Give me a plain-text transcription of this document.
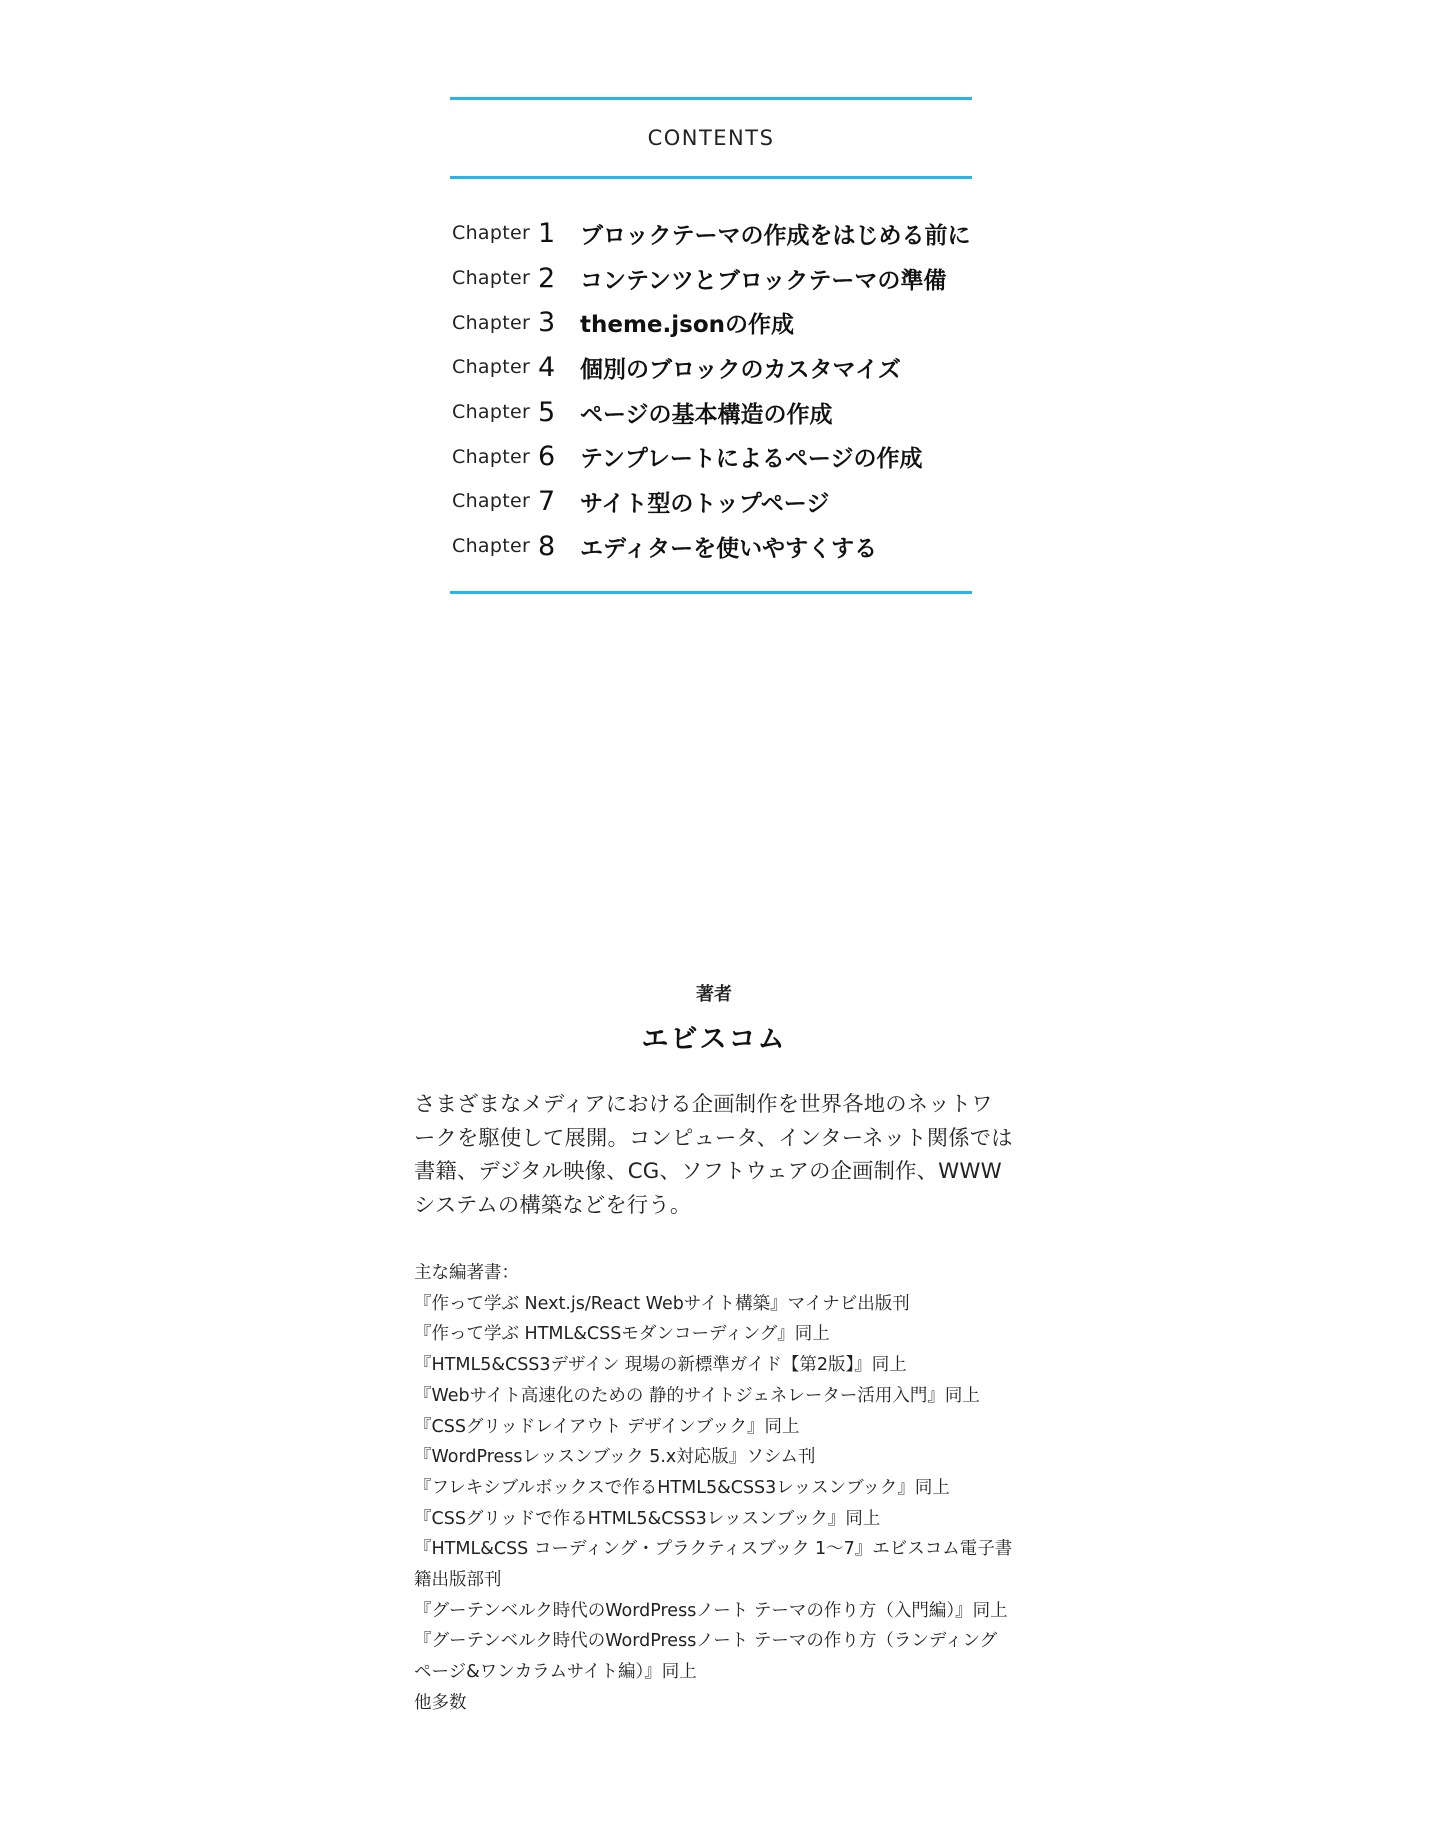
CONTENTS
Chapter 1	ブロックテーマの作成をはじめる前に
Chapter 2	コンテンツとブロックテーマの準備
Chapter 3	theme.jsonの作成
Chapter 4	個別のブロックのカスタマイズ
Chapter 5	ページの基本構造の作成
Chapter 6	テンプレートによるページの作成
Chapter 7	サイト型のトップページ
Chapter 8	エディターを使いやすくする
著者
エビスコム

さまざまなメディアにおける企画制作を世界各地のネットワークを駆使して展開。コンピュータ、インターネット関係では書籍、デジタル映像、CG、ソフトウェアの企画制作、WWWシステムの構築などを行う。

主な編著書：
『作って学ぶ Next.js/React Webサイト構築』マイナビ出版刊
『作って学ぶ HTML&CSSモダンコーディング』同上
『HTML5&CSS3デザイン 現場の新標準ガイド【第2版】』同上
『Webサイト高速化のための 静的サイトジェネレーター活用入門』同上
『CSSグリッドレイアウト デザインブック』同上
『WordPressレッスンブック 5.x対応版』ソシム刊
『フレキシブルボックスで作るHTML5&CSS3レッスンブック』同上
『CSSグリッドで作るHTML5&CSS3レッスンブック』同上
『HTML&CSS コーディング・プラクティスブック 1〜7』エビスコム電子書籍出版部刊
『グーテンベルク時代のWordPressノート テーマの作り方（入門編）』同上
『グーテンベルク時代のWordPressノート テーマの作り方（ランディングページ&ワンカラムサイト編）』同上
他多数
